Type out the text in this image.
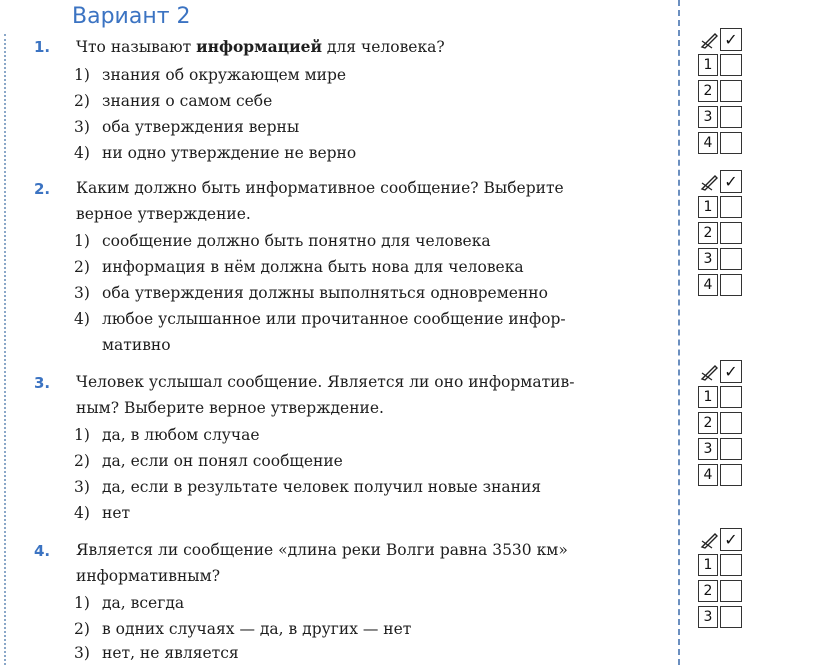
Вариант 2
1. Что называют информацией для человека?
1) знания об окружающем мире
2) знания о самом себе
3) оба утверждения верны
4) ни одно утверждение не верно
✓
1
2
3
4
2. Каким должно быть информативное сообщение? Выберите
верное утверждение.
1) сообщение должно быть понятно для человека
2) информация в нём должна быть нова для человека
3) оба утверждения должны выполняться одновременно
4) любое услышанное или прочитанное сообщение инфор-
мативно
✓
1
2
3
4
3. Человек услышал сообщение. Является ли оно информатив-
ным? Выберите верное утверждение.
1) да, в любом случае
2) да, если он понял сообщение
3) да, если в результате человек получил новые знания
4) нет
✓
1
2
3
4
4. Является ли сообщение «длина реки Волги равна 3530 км»
информативным?
1) да, всегда
2) в одних случаях — да, в других — нет
3) нет, не является
✓
1
2
3
